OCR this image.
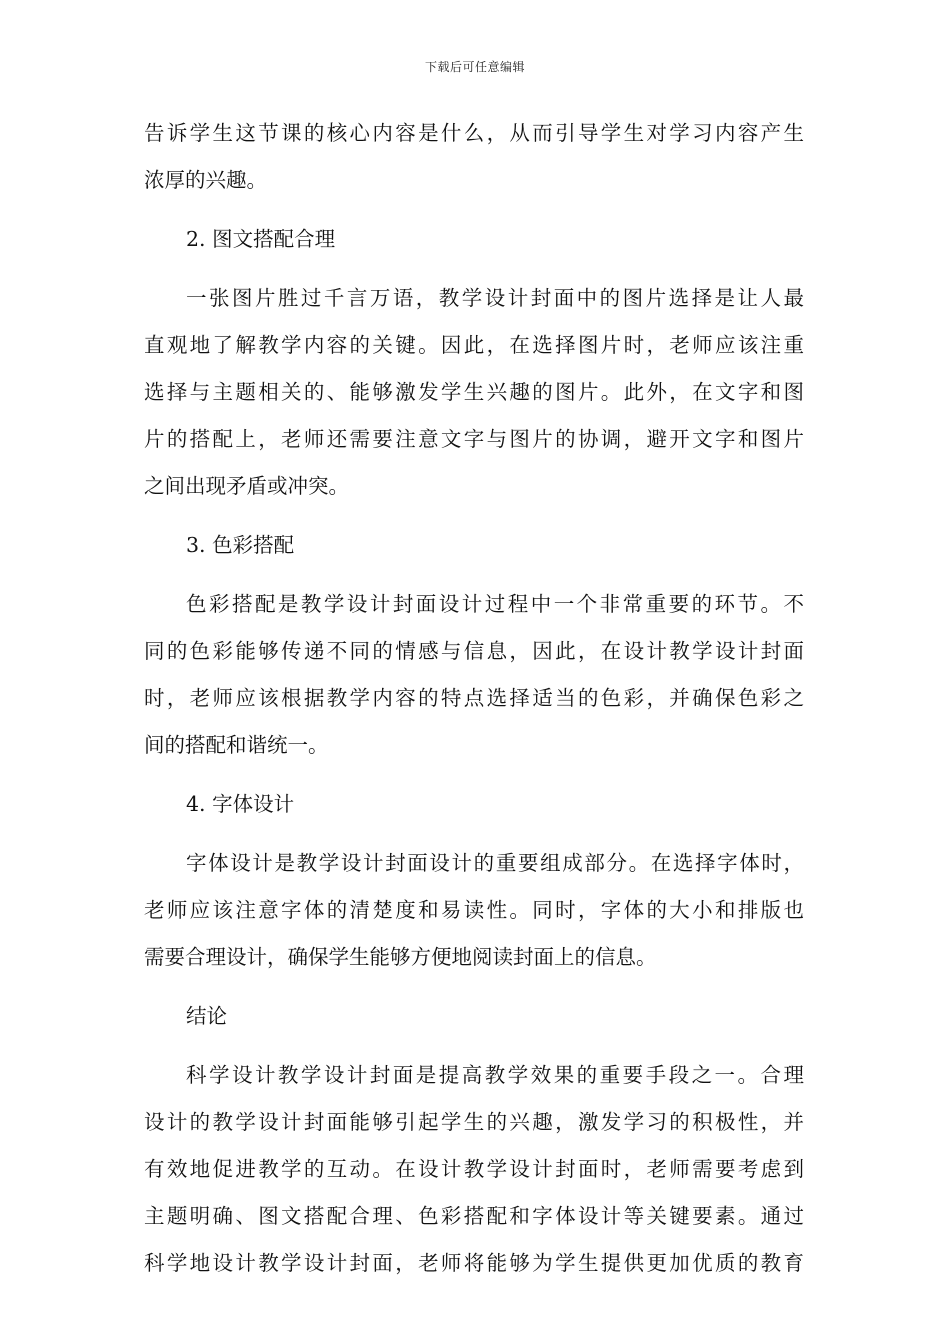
下载后可任意编辑
告诉学生这节课的核心内容是什么，从而引导学生对学习内容产生
浓厚的兴趣。
2. 图文搭配合理
一张图片胜过千言万语，教学设计封面中的图片选择是让人最
直观地了解教学内容的关键。因此，在选择图片时，老师应该注重
选择与主题相关的、能够激发学生兴趣的图片。此外，在文字和图
片的搭配上，老师还需要注意文字与图片的协调，避开文字和图片
之间出现矛盾或冲突。
3. 色彩搭配
色彩搭配是教学设计封面设计过程中一个非常重要的环节。不
同的色彩能够传递不同的情感与信息，因此，在设计教学设计封面
时，老师应该根据教学内容的特点选择适当的色彩，并确保色彩之
间的搭配和谐统一。
4. 字体设计
字体设计是教学设计封面设计的重要组成部分。在选择字体时，
老师应该注意字体的清楚度和易读性。同时，字体的大小和排版也
需要合理设计，确保学生能够方便地阅读封面上的信息。
结论
科学设计教学设计封面是提高教学效果的重要手段之一。合理
设计的教学设计封面能够引起学生的兴趣，激发学习的积极性，并
有效地促进教学的互动。在设计教学设计封面时，老师需要考虑到
主题明确、图文搭配合理、色彩搭配和字体设计等关键要素。通过
科学地设计教学设计封面，老师将能够为学生提供更加优质的教育
